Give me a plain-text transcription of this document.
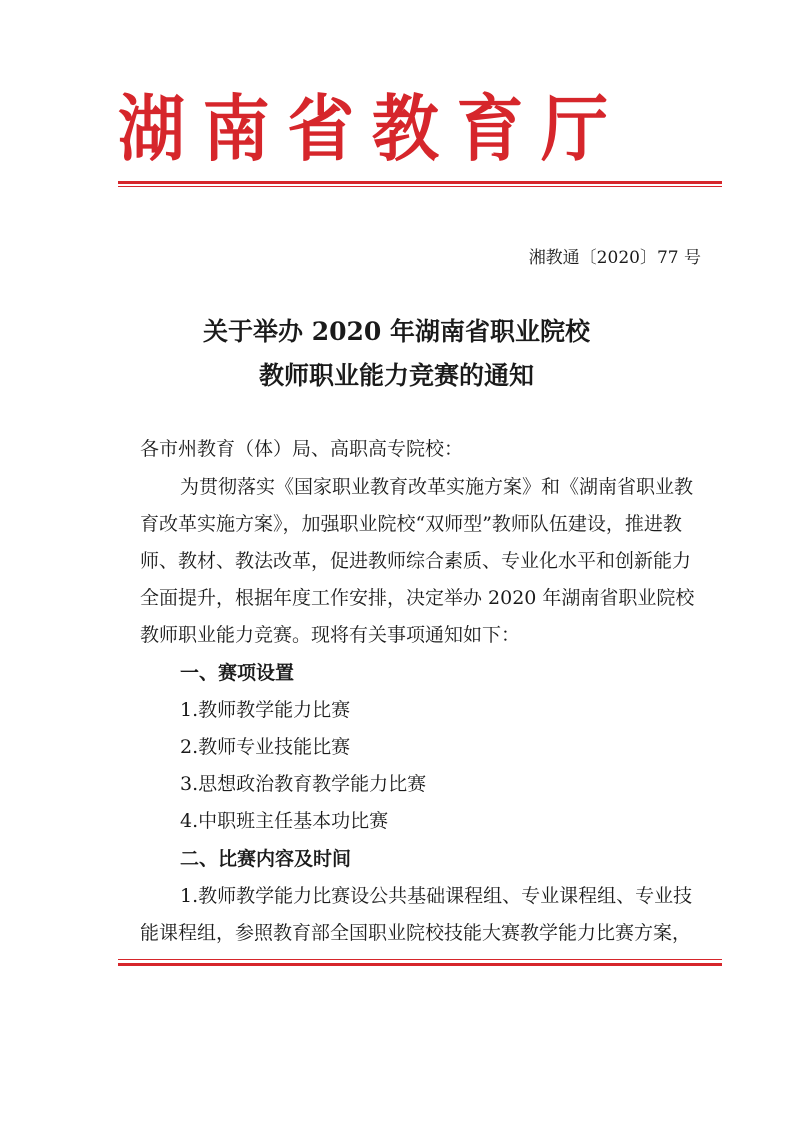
湖南省教育厅
湘教通〔2020〕77 号
关于举办 2020 年湖南省职业院校
教师职业能力竞赛的通知
各市州教育（体）局、高职高专院校：
为贯彻落实《国家职业教育改革实施方案》和《湖南省职业教
育改革实施方案》，加强职业院校“双师型”教师队伍建设，推进教
师、教材、教法改革，促进教师综合素质、专业化水平和创新能力
全面提升，根据年度工作安排，决定举办 2020 年湖南省职业院校
教师职业能力竞赛。现将有关事项通知如下：
一、赛项设置
1.教师教学能力比赛
2.教师专业技能比赛
3.思想政治教育教学能力比赛
4.中职班主任基本功比赛
二、比赛内容及时间
1.教师教学能力比赛设公共基础课程组、专业课程组、专业技
能课程组，参照教育部全国职业院校技能大赛教学能力比赛方案，
